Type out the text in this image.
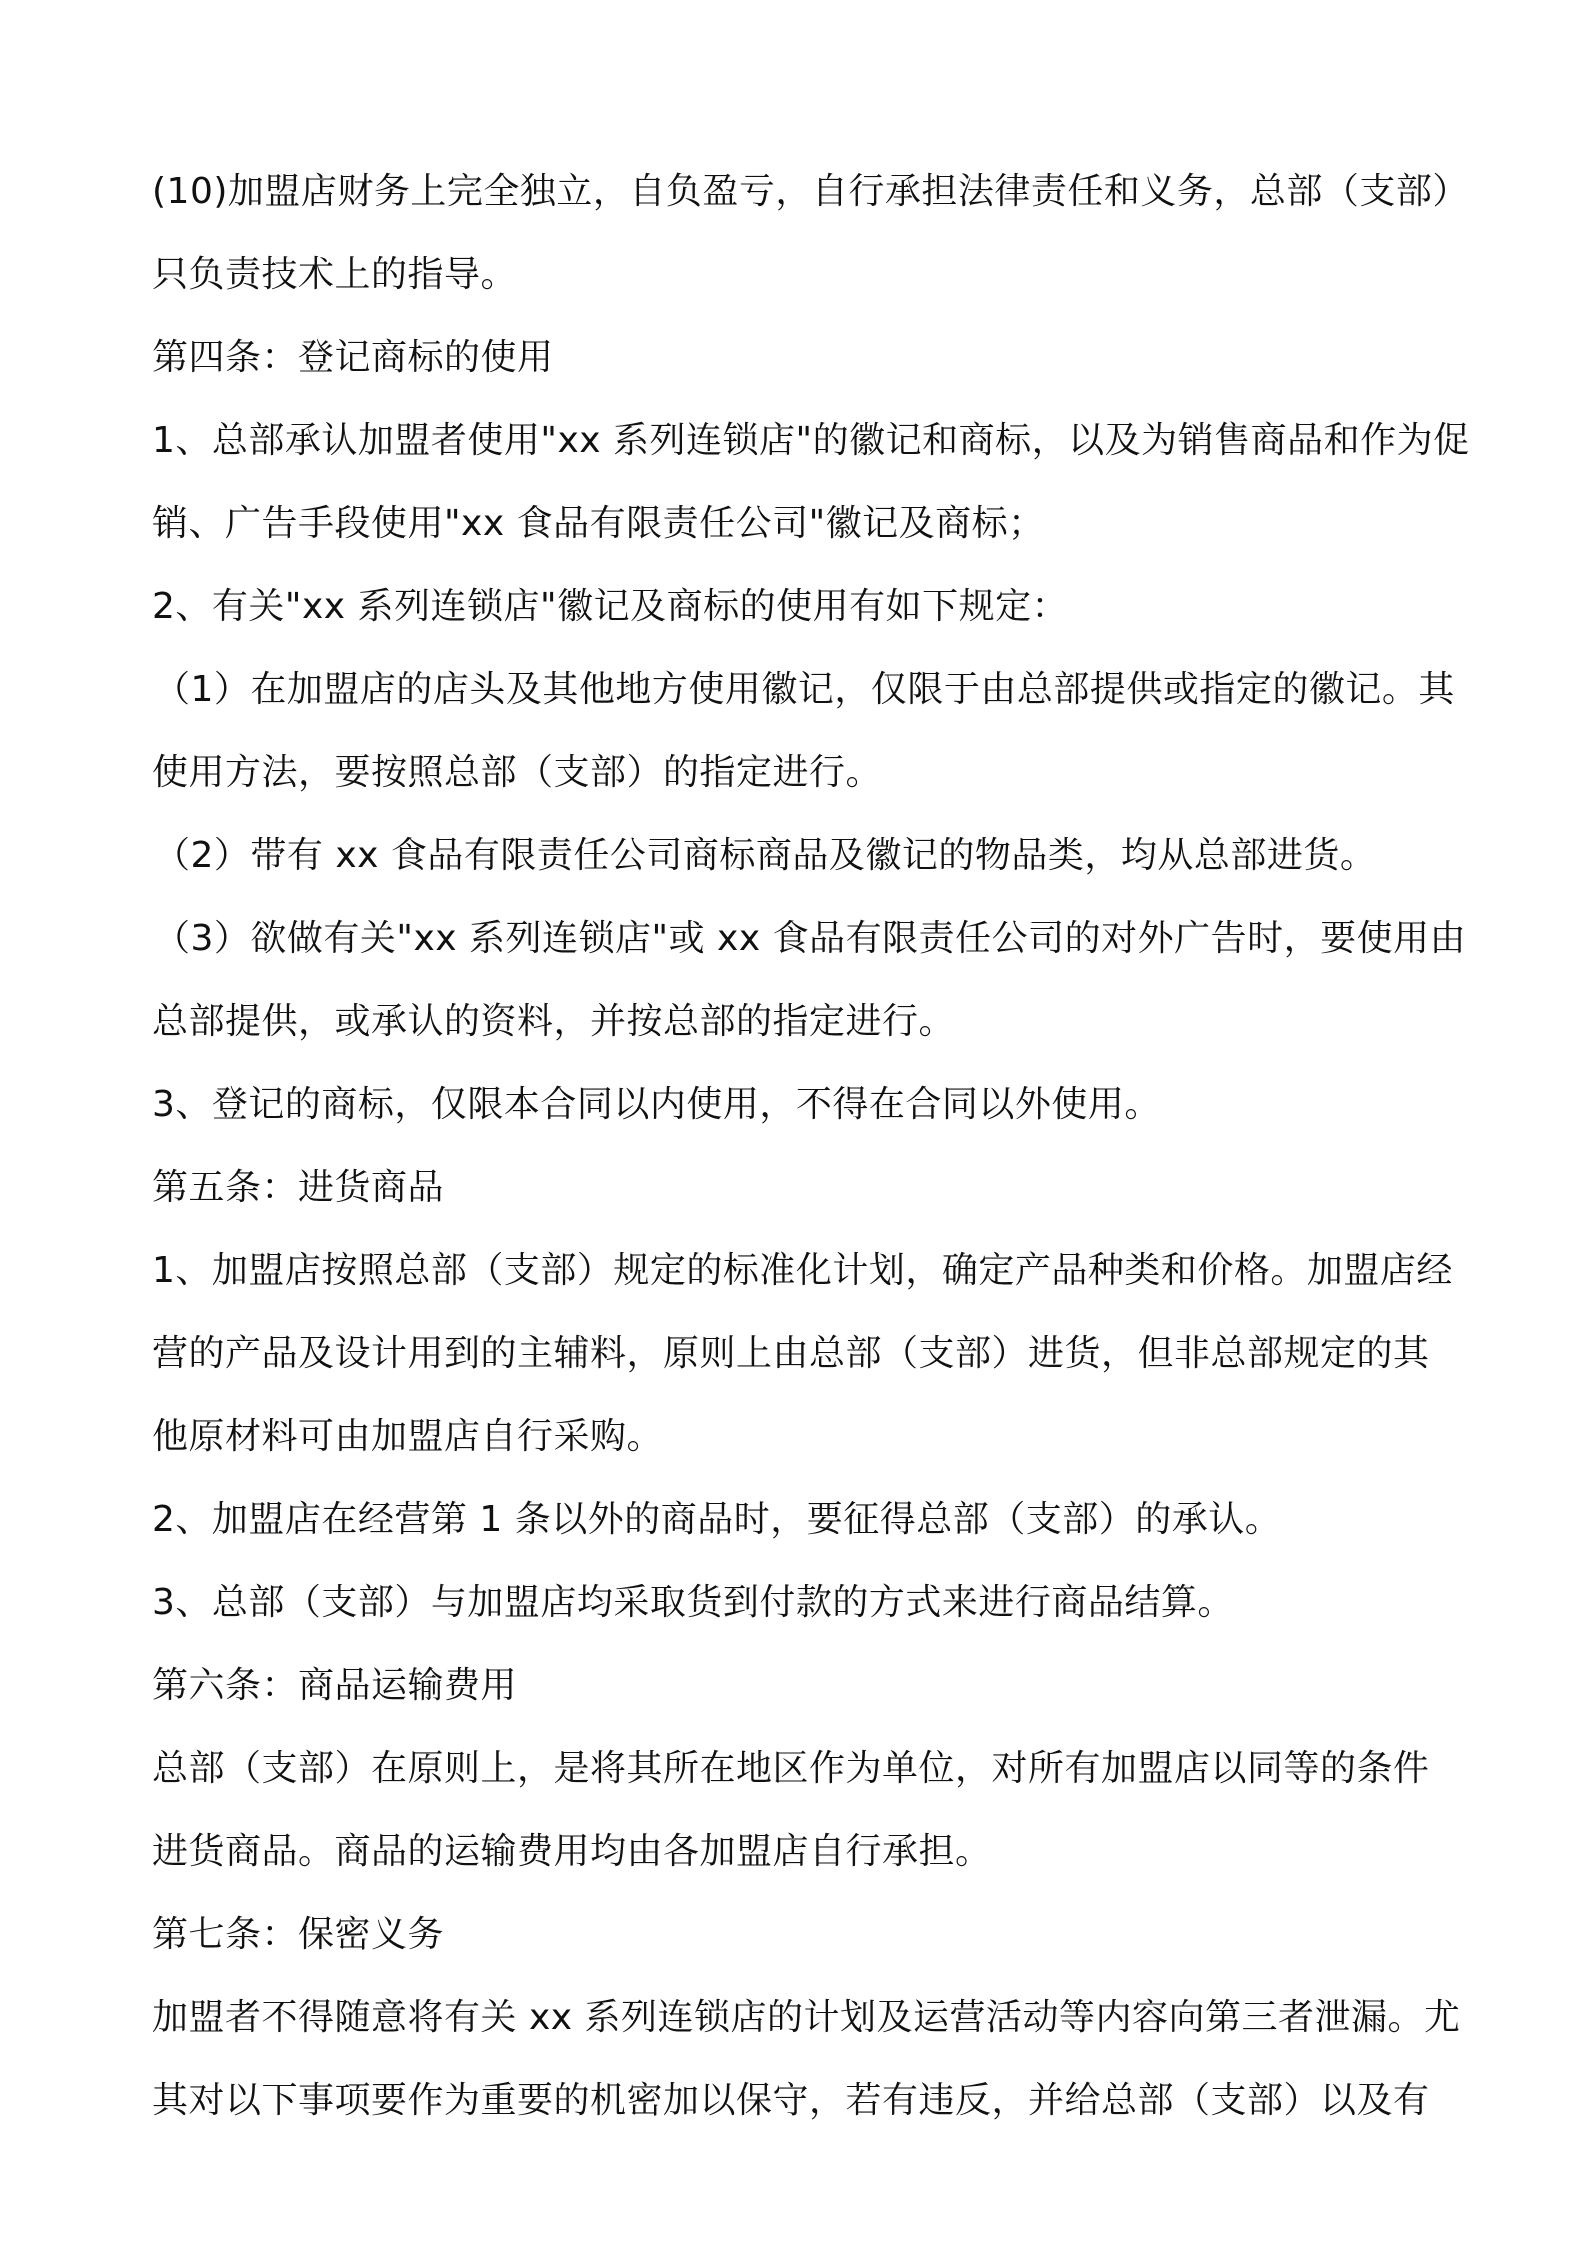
(10)加盟店财务上完全独立，自负盈亏，自行承担法律责任和义务，总部（支部）
只负责技术上的指导。
第四条：登记商标的使用
1、总部承认加盟者使用"xx 系列连锁店"的徽记和商标，以及为销售商品和作为促
销、广告手段使用"xx 食品有限责任公司"徽记及商标；
2、有关"xx 系列连锁店"徽记及商标的使用有如下规定：
（1）在加盟店的店头及其他地方使用徽记，仅限于由总部提供或指定的徽记。其
使用方法，要按照总部（支部）的指定进行。
（2）带有 xx 食品有限责任公司商标商品及徽记的物品类，均从总部进货。
（3）欲做有关"xx 系列连锁店"或 xx 食品有限责任公司的对外广告时，要使用由
总部提供，或承认的资料，并按总部的指定进行。
3、登记的商标，仅限本合同以内使用，不得在合同以外使用。
第五条：进货商品
1、加盟店按照总部（支部）规定的标准化计划，确定产品种类和价格。加盟店经
营的产品及设计用到的主辅料，原则上由总部（支部）进货，但非总部规定的其
他原材料可由加盟店自行采购。
2、加盟店在经营第 1 条以外的商品时，要征得总部（支部）的承认。
3、总部（支部）与加盟店均采取货到付款的方式来进行商品结算。
第六条：商品运输费用
总部（支部）在原则上，是将其所在地区作为单位，对所有加盟店以同等的条件
进货商品。商品的运输费用均由各加盟店自行承担。
第七条：保密义务
加盟者不得随意将有关 xx 系列连锁店的计划及运营活动等内容向第三者泄漏。尤
其对以下事项要作为重要的机密加以保守，若有违反，并给总部（支部）以及有
